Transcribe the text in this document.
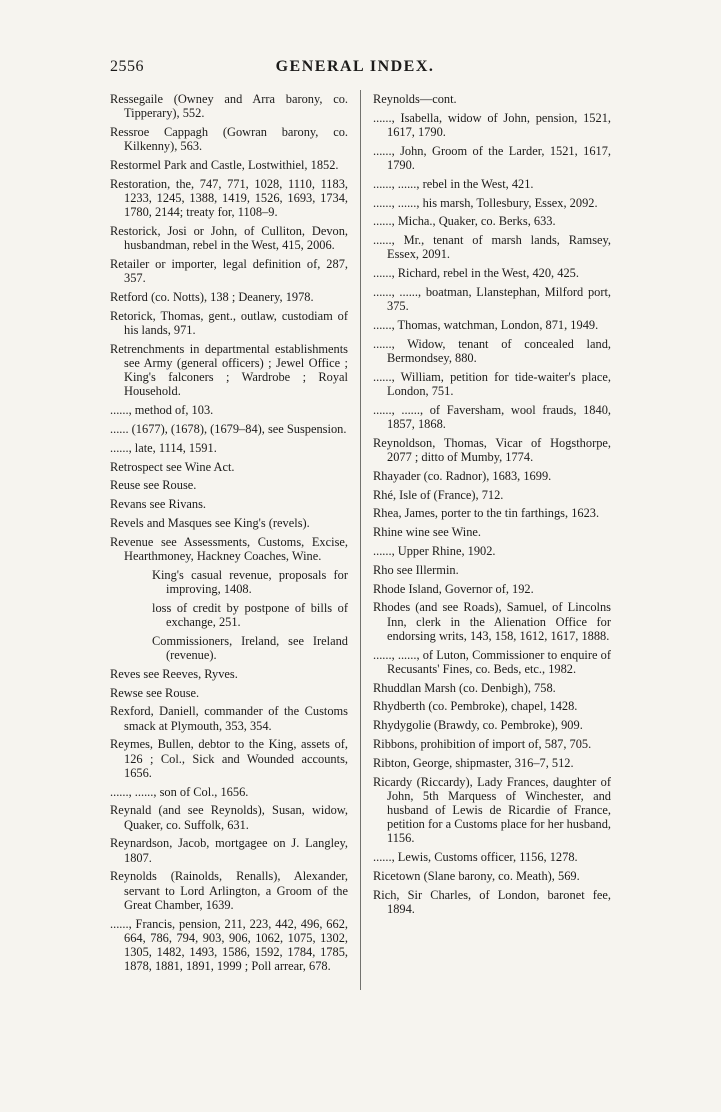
2556	GENERAL INDEX.

Ressegaile (Owney and Arra barony, co. Tipperary), 552.

Ressroe Cappagh (Gowran barony, co. Kilkenny), 563.

Restormel Park and Castle, Lostwithiel, 1852.

Restoration, the, 747, 771, 1028, 1110, 1183, 1233, 1245, 1388, 1419, 1526, 1693, 1734, 1780, 2144; treaty for, 1108–9.

Restorick, Josi or John, of Culliton, Devon, husbandman, rebel in the West, 415, 2006.

Retailer or importer, legal definition of, 287, 357.

Retford (co. Notts), 138 ; Deanery, 1978.

Retorick, Thomas, gent., outlaw, custodiam of his lands, 971.

Retrenchments in departmental establishments see Army (general officers) ; Jewel Office ; King's falconers ; Wardrobe ; Royal Household.

......, method of, 103.

...... (1677), (1678), (1679–84), see Suspension.

......, late, 1114, 1591.

Retrospect see Wine Act.

Reuse see Rouse.

Revans see Rivans.

Revels and Masques see King's (revels).

Revenue see Assessments, Customs, Excise, Hearthmoney, Hackney Coaches, Wine.

King's casual revenue, proposals for improving, 1408.

loss of credit by postpone of bills of exchange, 251.

Commissioners, Ireland, see Ireland (revenue).

Reves see Reeves, Ryves.

Rewse see Rouse.

Rexford, Daniell, commander of the Customs smack at Plymouth, 353, 354.

Reymes, Bullen, debtor to the King, assets of, 126 ; Col., Sick and Wounded accounts, 1656.

......, ......, son of Col., 1656.

Reynald (and see Reynolds), Susan, widow, Quaker, co. Suffolk, 631.

Reynardson, Jacob, mortgagee on J. Langley, 1807.

Reynolds (Rainolds, Renalls), Alexander, servant to Lord Arlington, a Groom of the Great Chamber, 1639.

......, Francis, pension, 211, 223, 442, 496, 662, 664, 786, 794, 903, 906, 1062, 1075, 1302, 1305, 1482, 1493, 1586, 1592, 1784, 1785, 1878, 1881, 1891, 1999 ; Poll arrear, 678.

Reynolds—cont.

......, Isabella, widow of John, pension, 1521, 1617, 1790.

......, John, Groom of the Larder, 1521, 1617, 1790.

......, ......, rebel in the West, 421.

......, ......, his marsh, Tollesbury, Essex, 2092.

......, Micha., Quaker, co. Berks, 633.

......, Mr., tenant of marsh lands, Ramsey, Essex, 2091.

......, Richard, rebel in the West, 420, 425.

......, ......, boatman, Llanstephan, Milford port, 375.

......, Thomas, watchman, London, 871, 1949.

......, Widow, tenant of concealed land, Bermondsey, 880.

......, William, petition for tide-waiter's place, London, 751.

......, ......, of Faversham, wool frauds, 1840, 1857, 1868.

Reynoldson, Thomas, Vicar of Hogsthorpe, 2077 ; ditto of Mumby, 1774.

Rhayader (co. Radnor), 1683, 1699.

Rhé, Isle of (France), 712.

Rhea, James, porter to the tin farthings, 1623.

Rhine wine see Wine.

......, Upper Rhine, 1902.

Rho see Illermin.

Rhode Island, Governor of, 192.

Rhodes (and see Roads), Samuel, of Lincolns Inn, clerk in the Alienation Office for endorsing writs, 143, 158, 1612, 1617, 1888.

......, ......, of Luton, Commissioner to enquire of Recusants' Fines, co. Beds, etc., 1982.

Rhuddlan Marsh (co. Denbigh), 758.

Rhydberth (co. Pembroke), chapel, 1428.

Rhydygolie (Brawdy, co. Pembroke), 909.

Ribbons, prohibition of import of, 587, 705.

Ribton, George, shipmaster, 316–7, 512.

Ricardy (Riccardy), Lady Frances, daughter of John, 5th Marquess of Winchester, and husband of Lewis de Ricardie of France, petition for a Customs place for her husband, 1156.

......, Lewis, Customs officer, 1156, 1278.

Ricetown (Slane barony, co. Meath), 569.

Rich, Sir Charles, of London, baronet fee, 1894.
